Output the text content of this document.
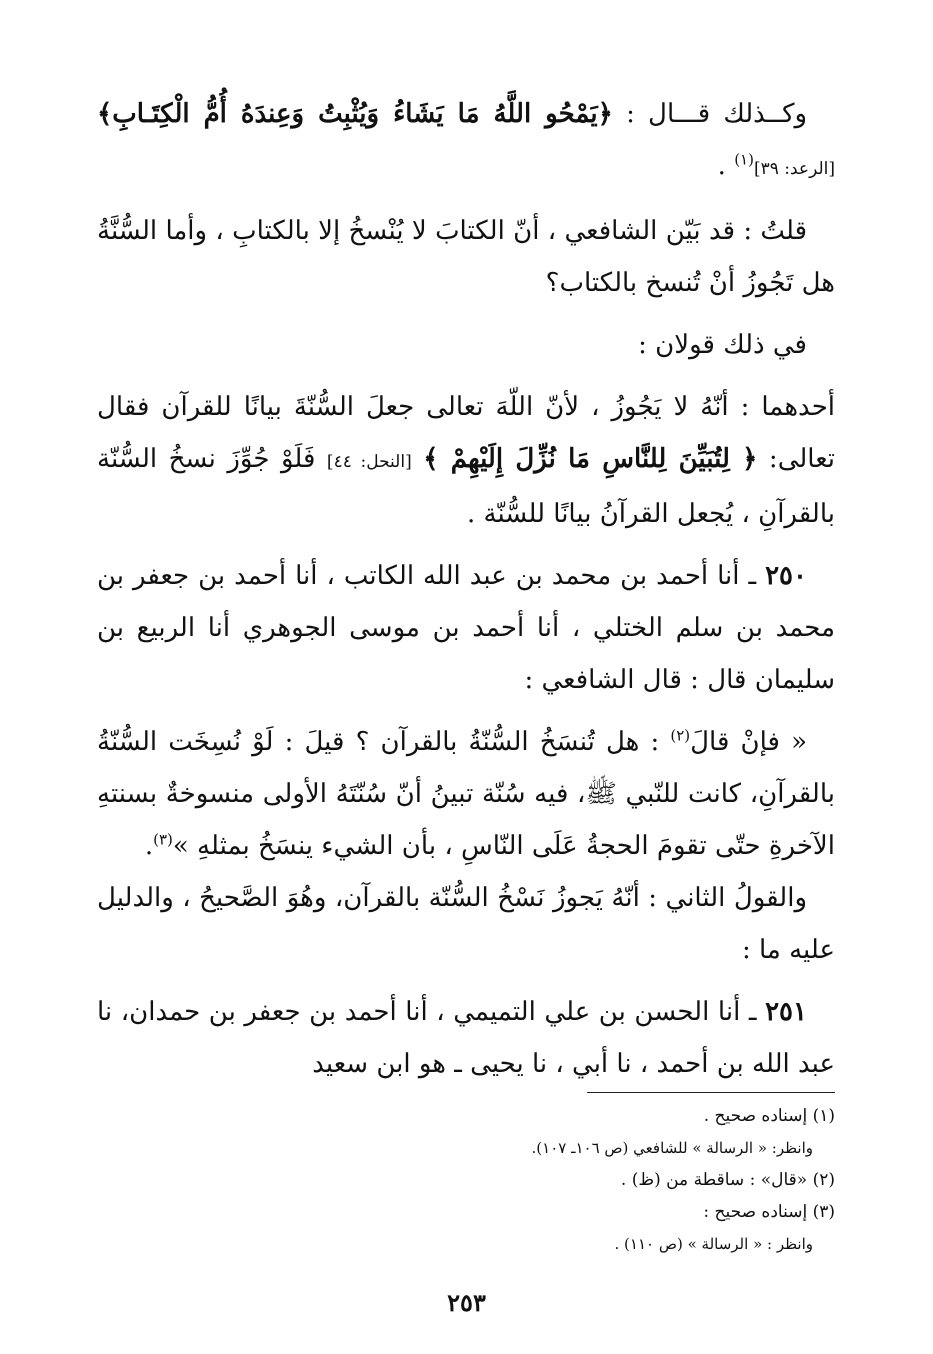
وكــذلك قـــال : ﴿يَمْحُو اللَّهُ مَا يَشَاءُ وَيُثْبِتُ وَعِندَهُ أُمُّ الْكِتَـابِ﴾ [الرعد: ٣٩]$^{(١)}$ .

قلتُ : قد بَيّن الشافعي ، أنّ الكتابَ لا يُنْسخُ إلا بالكتابِ ، وأما السُّنَّةُ هل تَجُوزُ أنْ تُنسخ بالكتاب؟

في ذلك قولان :

أحدهما : أنّهُ لا يَجُوزُ ، لأنّ اللّهَ تعالى جعلَ السُّنّةَ بيانًا للقرآن فقال تعالى: ﴿ لِتُبَيِّنَ لِلنَّاسِ مَا نُزِّلَ إِلَيْهِمْ ﴾ [النحل: ٤٤] فَلَوْ جُوِّزَ نسخُ السُّنّة بالقرآنِ ، يُجعل القرآنُ بيانًا للسُّنّة .

٢٥٠ ـ أنا أحمد بن محمد بن عبد الله الكاتب ، أنا أحمد بن جعفر بن محمد بن سلم الختلي ، أنا أحمد بن موسى الجوهري أنا الربيع بن سليمان قال : قال الشافعي :

« فإنْ قالَ$^{(٢)}$ : هل تُنسَخُ السُّنّةُ بالقرآن ؟ قيلَ : لَوْ نُسِخَت السُّنّةُ بالقرآنِ، كانت للنّبي ﷺ، فيه سُنّة تبينُ أنّ سُنّتَهُ الأولى منسوخةٌ بسنتهِ الآخرةِ حتّى تقومَ الحجةُ عَلَى النّاسِ ، بأن الشيء ينسَخُ بمثلهِ »$^{(٣)}$.

والقولُ الثاني : أنّهُ يَجوزُ نَسْخُ السُّنّة بالقرآن، وهُوَ الصَّحيحُ ، والدليل عليه ما :

٢٥١ ـ أنا الحسن بن علي التميمي ، أنا أحمد بن جعفر بن حمدان، نا عبد الله بن أحمد ، نا أبي ، نا يحيى ـ هو ابن سعيد

(١) إسناده صحيح .

وانظر: « الرسالة » للشافعي (ص ١٠٦ـ ١٠٧).

(٢) «قال» : ساقطة من (ظ) .

(٣) إسناده صحيح :

وانظر : « الرسالة » (ص ١١٠) .

٢٥٣
